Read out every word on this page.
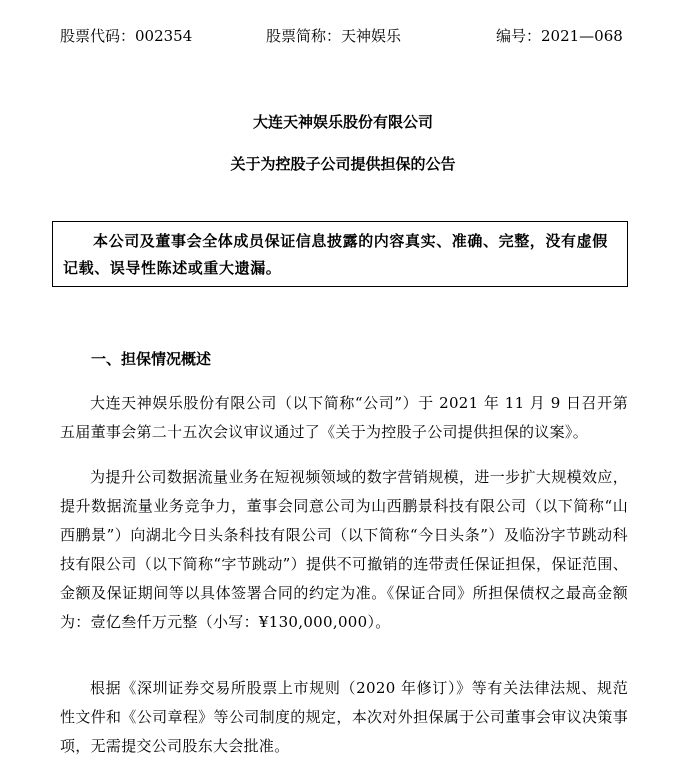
股票代码：002354	股票简称：天神娱乐	编号：2021—068
大连天神娱乐股份有限公司
关于为控股子公司提供担保的公告
本公司及董事会全体成员保证信息披露的内容真实、准确、完整，没有虚假记载、误导性陈述或重大遗漏。
一、担保情况概述
大连天神娱乐股份有限公司（以下简称“公司”）于 2021 年 11 月 9 日召开第五届董事会第二十五次会议审议通过了《关于为控股子公司提供担保的议案》。
为提升公司数据流量业务在短视频领域的数字营销规模，进一步扩大规模效应，提升数据流量业务竞争力，董事会同意公司为山西鹏景科技有限公司（以下简称“山西鹏景”）向湖北今日头条科技有限公司（以下简称“今日头条”）及临汾字节跳动科技有限公司（以下简称“字节跳动”）提供不可撤销的连带责任保证担保，保证范围、金额及保证期间等以具体签署合同的约定为准。《保证合同》所担保债权之最高金额为：壹亿叁仟万元整（小写：¥130,000,000）。
根据《深圳证券交易所股票上市规则（2020 年修订）》等有关法律法规、规范性文件和《公司章程》等公司制度的规定，本次对外担保属于公司董事会审议决策事项，无需提交公司股东大会批准。
